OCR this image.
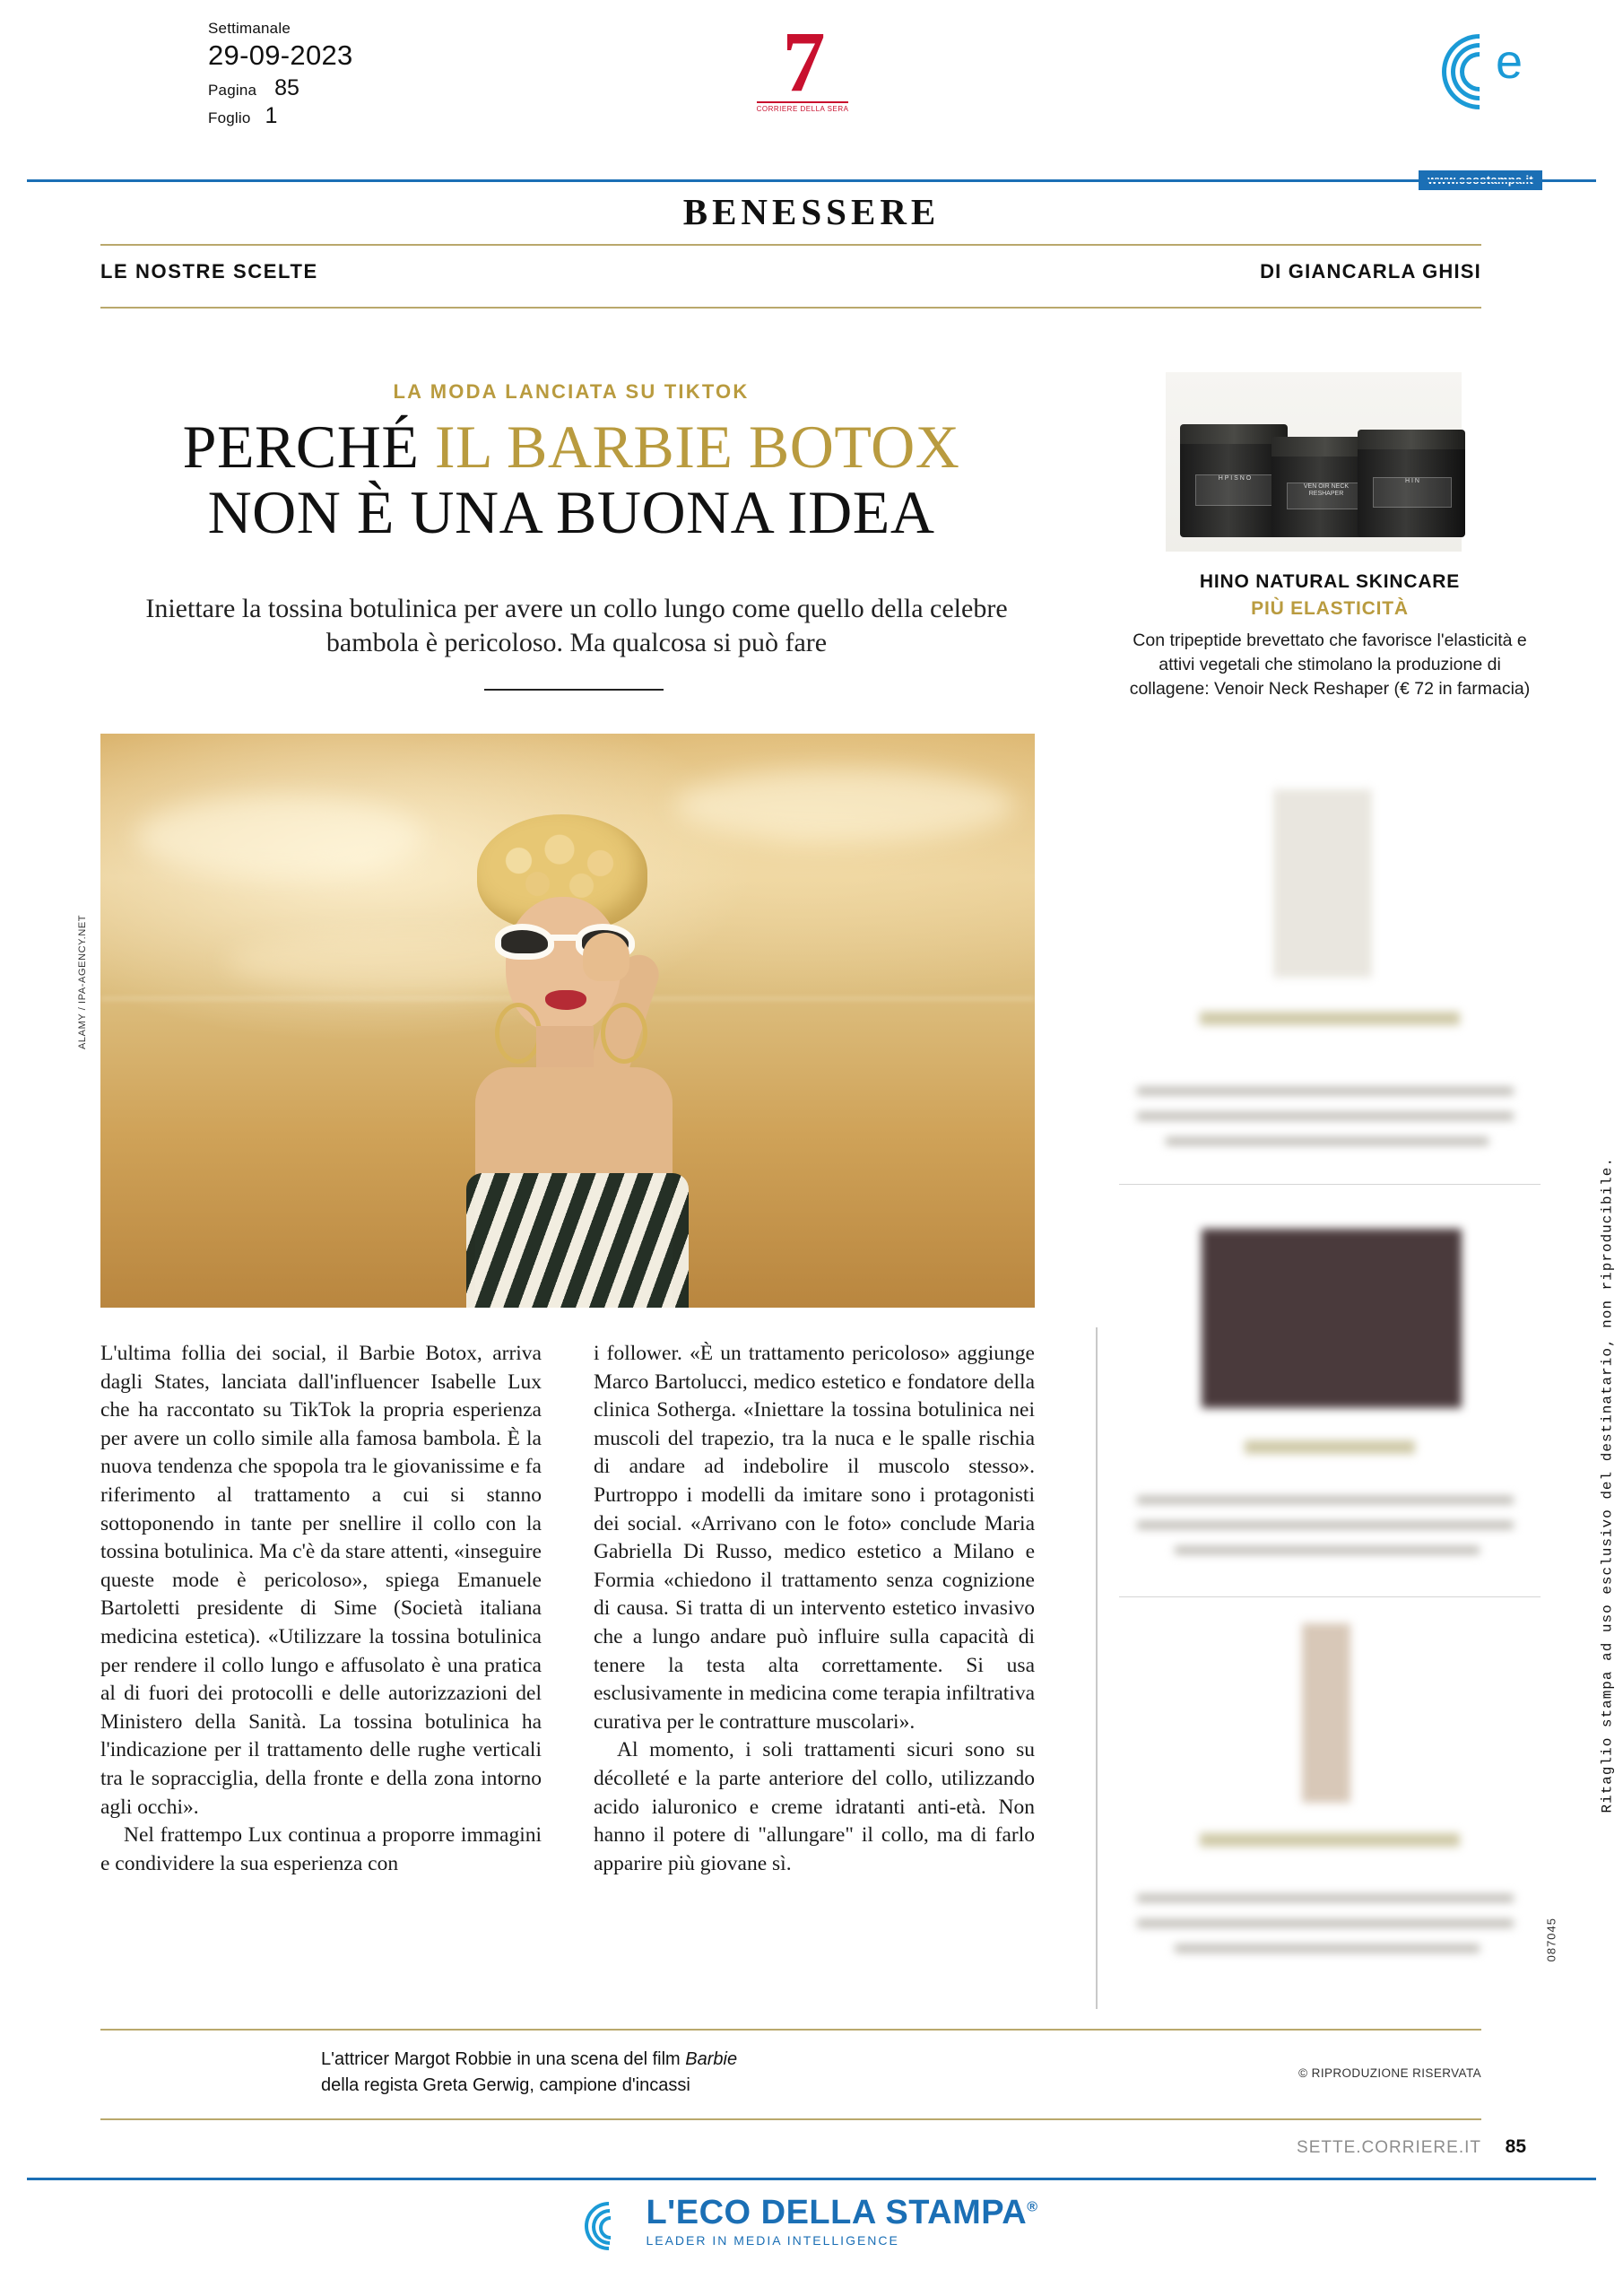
Settimanale
29-09-2023
Pagina 85
Foglio 1
7
CORRIERE DELLA SERA
e
BENESSERE
LE NOSTRE SCELTE	DI GIANCARLA GHISI
LA MODA LANCIATA SU TIKTOK
PERCHÉ IL BARBIE BOTOX
NON È UNA BUONA IDEA
Iniettare la tossina botulinica per avere un collo lungo come quello della celebre bambola è pericoloso. Ma qualcosa si può fare
ALAMY / IPA-AGENCY.NET

L'ultima follia dei social, il Barbie Botox, arriva dagli States, lanciata dall'influencer Isabelle Lux che ha raccontato su TikTok la propria esperienza per avere un collo simile alla famosa bambola. È la nuova tendenza che spopola tra le giovanissime e fa riferimento al trattamento a cui si stanno sottoponendo in tante per snellire il collo con la tossina botulinica. Ma c'è da stare attenti, «inseguire queste mode è pericoloso», spiega Emanuele Bartoletti presidente di Sime (Società italiana medicina estetica). «Utilizzare la tossina botulinica per rendere il collo lungo e affusolato è una pratica al di fuori dei protocolli e delle autorizzazioni del Ministero della Sanità. La tossina botulinica ha l'indicazione per il trattamento delle rughe verticali tra le sopracciglia, della fronte e della zona intorno agli occhi».

Nel frattempo Lux continua a proporre immagini e condividere la sua esperienza con

i follower. «È un trattamento pericoloso» aggiunge Marco Bartolucci, medico estetico e fondatore della clinica Sotherga. «Iniettare la tossina botulinica nei muscoli del trapezio, tra la nuca e le spalle rischia di andare ad indebolire il muscolo stesso». Purtroppo i modelli da imitare sono i protagonisti dei social. «Arrivano con le foto» conclude Maria Gabriella Di Russo, medico estetico a Milano e Formia «chiedono il trattamento senza cognizione di causa. Si tratta di un intervento estetico invasivo che a lungo andare può influire sulla capacità di tenere la testa alta correttamente. Si usa esclusivamente in medicina come terapia infiltrativa curativa per le contratture muscolari».

Al momento, i soli trattamenti sicuri sono su décolleté e la parte anteriore del collo, utilizzando acido ialuronico e creme idratanti anti-età. Non hanno il potere di "allungare" il collo, ma di farlo apparire più giovane sì.

H P I S N O
VEN OIR NECK RESHAPER
H I N
HINO NATURAL SKINCARE
PIÙ ELASTICITÀ
Con tripeptide brevettato che favorisce l'elasticità e attivi vegetali che stimolano la produzione di collagene: Venoir Neck Reshaper (€ 72 in farmacia)
Ritaglio stampa ad uso esclusivo del destinatario, non riproducibile.
087045
L'attricer Margot Robbie in una scena del film Barbie
della regista Greta Gerwig, campione d'incassi
© RIPRODUZIONE RISERVATA
SETTE.CORRIERE.IT 85
L'ECO DELLA STAMPA®
LEADER IN MEDIA INTELLIGENCE
